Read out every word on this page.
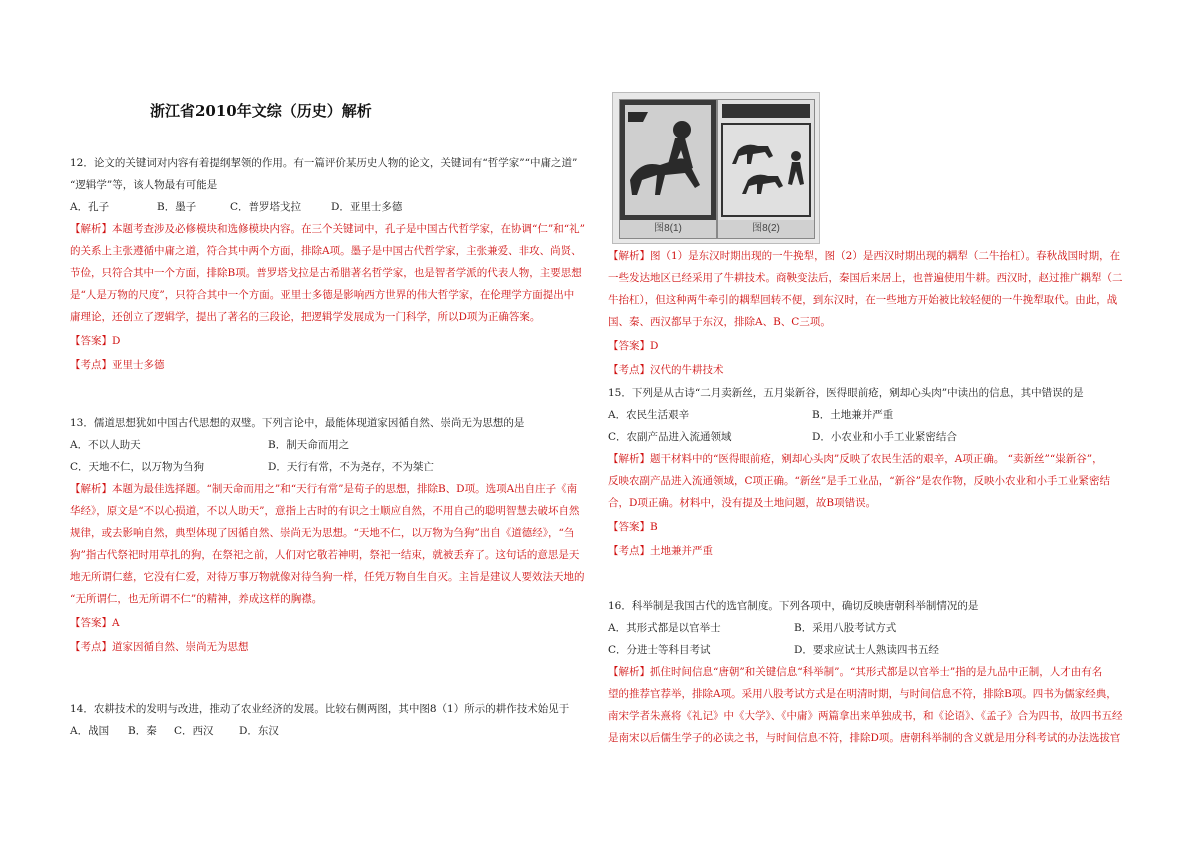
浙江省2010年文综（历史）解析

12．论文的关键词对内容有着提纲挈领的作用。有一篇评价某历史人物的论文，关键词有“哲学家”“中庸之道”

“逻辑学”等，该人物最有可能是

A．孔子	B．墨子	C．普罗塔戈拉	D．亚里士多德

【解析】本题考查涉及必修模块和选修模块内容。在三个关键词中，孔子是中国古代哲学家，在协调“仁”和“礼”

的关系上主张遵循中庸之道，符合其中两个方面，排除A项。墨子是中国古代哲学家，主张兼爱、非攻、尚贤、

节俭，只符合其中一个方面，排除B项。普罗塔戈拉是古希腊著名哲学家，也是智者学派的代表人物，主要思想

是“人是万物的尺度”，只符合其中一个方面。亚里士多德是影响西方世界的伟大哲学家，在伦理学方面提出中

庸理论，还创立了逻辑学，提出了著名的三段论，把逻辑学发展成为一门科学，所以D项为正确答案。

【答案】D

【考点】亚里士多德

13．儒道思想犹如中国古代思想的双璧。下列言论中，最能体现道家因循自然、崇尚无为思想的是

A．不以人助天	B．制天命而用之
C．天地不仁，以万物为刍狗	D．天行有常，不为尧存，不为桀亡

【解析】本题为最佳选择题。“制天命而用之”和“天行有常”是荀子的思想，排除B、D项。选项A出自庄子《南

华经》，原文是“不以心损道，不以人助天”，意指上古时的有识之士顺应自然，不用自己的聪明智慧去破坏自然

规律，或去影响自然，典型体现了因循自然、崇尚无为思想。“天地不仁，以万物为刍狗”出自《道德经》，“刍

狗”指古代祭祀时用草扎的狗，在祭祀之前，人们对它敬若神明，祭祀一结束，就被丢弃了。这句话的意思是天

地无所谓仁慈，它没有仁爱，对待万事万物就像对待刍狗一样，任凭万物自生自灭。主旨是建议人要效法天地的

“无所谓仁，也无所谓不仁”的精神，养成这样的胸襟。

【答案】A

【考点】道家因循自然、崇尚无为思想

14．农耕技术的发明与改进，推动了农业经济的发展。比较右侧两图，其中图8（1）所示的耕作技术始见于

A．战国	B．秦	C．西汉	D．东汉
图8(1)	图8(2)

【解析】图（1）是东汉时期出现的一牛挽犁，图（2）是西汉时期出现的耦犁（二牛抬杠）。春秋战国时期，在

一些发达地区已经采用了牛耕技术。商鞅变法后，秦国后来居上，也普遍使用牛耕。西汉时，赵过推广耦犁（二

牛抬杠），但这种两牛牵引的耦犁回转不便，到东汉时，在一些地方开始被比较轻便的一牛挽犁取代。由此，战

国、秦、西汉都早于东汉，排除A、B、C三项。

【答案】D

【考点】汉代的牛耕技术

15．下列是从古诗“二月卖新丝，五月粜新谷，医得眼前疮，剜却心头肉”中读出的信息，其中错误的是

A．农民生活艰辛	B．土地兼并严重
C．农副产品进入流通领域	D．小农业和小手工业紧密结合

【解析】题干材料中的“医得眼前疮，剜却心头肉”反映了农民生活的艰辛，A项正确。 “卖新丝”“粜新谷”，

反映农副产品进入流通领域，C项正确。“新丝”是手工业品，“新谷”是农作物，反映小农业和小手工业紧密结

合，D项正确。材料中，没有提及土地问题，故B项错误。

【答案】B

【考点】土地兼并严重

16．科举制是我国古代的选官制度。下列各项中，确切反映唐朝科举制情况的是

A．其形式都是以官举士	B．采用八股考试方式
C．分进士等科目考试	D．要求应试士人熟读四书五经

【解析】抓住时间信息“唐朝”和关键信息“科举制”。“其形式都是以官举士”指的是九品中正制，人才由有名

望的推荐官荐举，排除A项。采用八股考试方式是在明清时期，与时间信息不符，排除B项。四书为儒家经典，

南宋学者朱熹将《礼记》中《大学》、《中庸》两篇拿出来单独成书，和《论语》、《孟子》合为四书，故四书五经

是南宋以后儒生学子的必读之书，与时间信息不符，排除D项。唐朝科举制的含义就是用分科考试的办法选拔官
